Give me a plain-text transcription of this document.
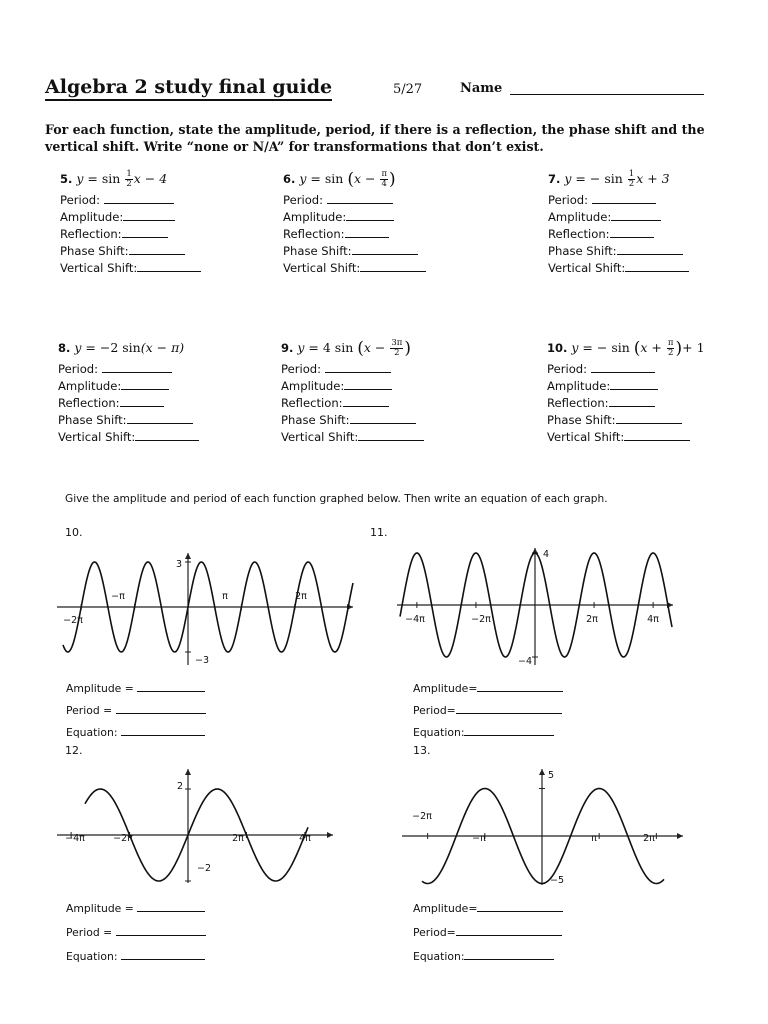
Algebra 2 study final guide	5/27	Name
For each function, state the amplitude, period, if there is a reflection, the phase shift and the vertical shift. Write “none or N/A” for transformations that don’t exist.
5. $y = \sin \frac{1}{2}$ x − 4
Period:
Amplitude:
Reflection:
Phase Shift:
Vertical Shift:
6. $y = \sin (x - \frac{\pi}{4}$ )
Period:
Amplitude:
Reflection:
Phase Shift:
Vertical Shift:
7. y = − $\sin \frac{1}{2}$ x + 3
Period:
Amplitude:
Reflection:
Phase Shift:
Vertical Shift:
8. y = −2 sin(x − π)
Period:
Amplitude:
Reflection:
Phase Shift:
Vertical Shift:
9. y = 4 $\sin (x - \frac{3\pi}{2}$ )
Period:
Amplitude:
Reflection:
Phase Shift:
Vertical Shift:
10. y = − $\sin (x + \frac{\pi}{2}$ )+ 1
Period:
Amplitude:
Reflection:
Phase Shift:
Vertical Shift:
Give the amplitude and period of each function graphed below. Then write an equation of each graph.
10.	11.
12.	13.
−2π
−π	π	2π
3
−3
−4π	−2π	2π	4π
4
−4
−4π	−2π	2π	4π
2
−2
−2π
−π	π	2π
5
−5
Amplitude =
Period =
Equation:
Amplitude=
Period=
Equation:
Amplitude =
Period =
Equation:
Amplitude=
Period=
Equation:
